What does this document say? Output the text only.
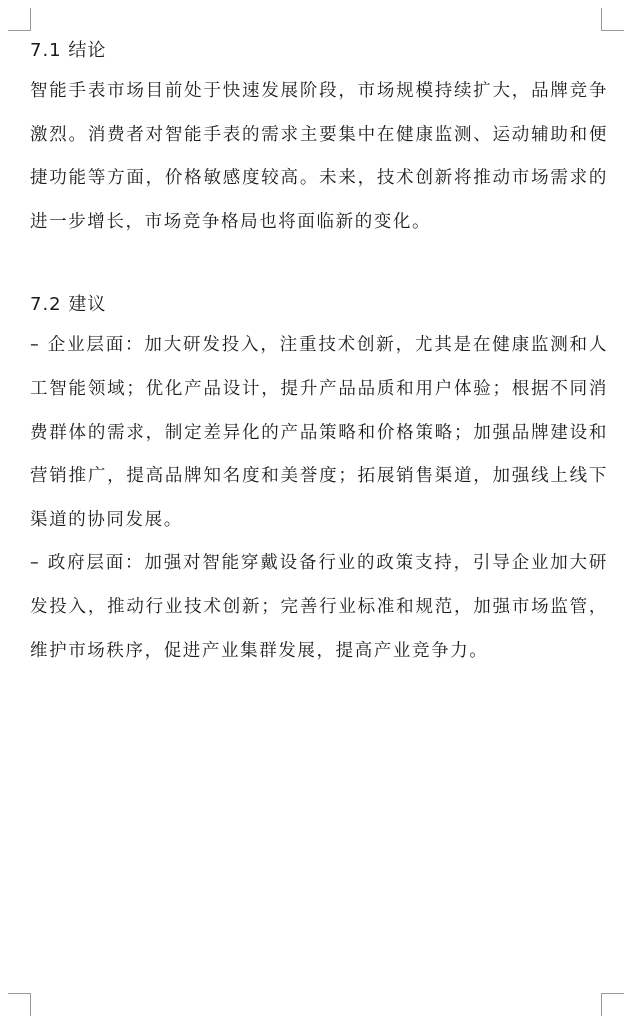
7.1 结论

智能手表市场目前处于快速发展阶段，市场规模持续扩大，品牌竞争激烈。消费者对智能手表的需求主要集中在健康监测、运动辅助和便捷功能等方面，价格敏感度较高。未来，技术创新将推动市场需求的进一步增长，市场竞争格局也将面临新的变化。

7.2 建议

– 企业层面：加大研发投入，注重技术创新，尤其是在健康监测和人工智能领域；优化产品设计，提升产品品质和用户体验；根据不同消费群体的需求，制定差异化的产品策略和价格策略；加强品牌建设和营销推广，提高品牌知名度和美誉度；拓展销售渠道，加强线上线下渠道的协同发展。

– 政府层面：加强对智能穿戴设备行业的政策支持，引导企业加大研发投入，推动行业技术创新；完善行业标准和规范，加强市场监管，维护市场秩序，促进产业集群发展，提高产业竞争力。
